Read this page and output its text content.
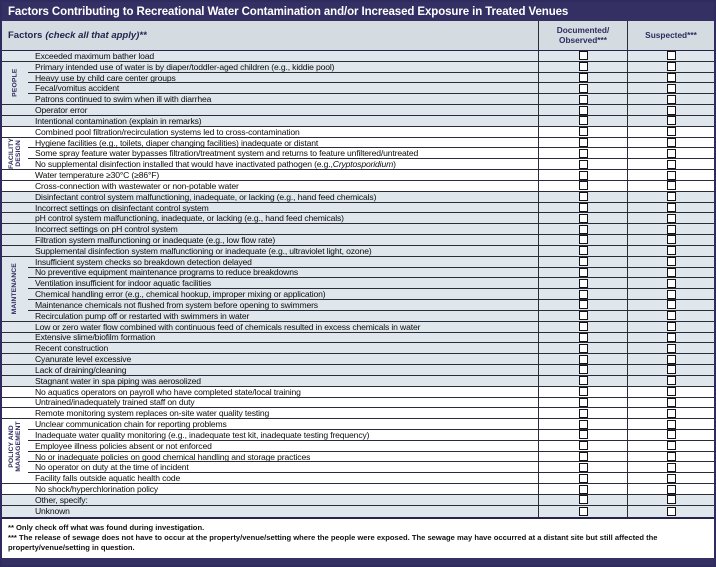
Factors Contributing to Recreational Water Contamination and/or Increased Exposure in Treated Venues
Factors (check all that apply)**
Documented/
Observed***	Suspected***
Exceeded maximum bather load
Primary intended use of water is by diaper/toddler-aged children (e.g., kiddie pool)
Heavy use by child care center groups
Fecal/vomitus accident
Patrons continued to swim when ill with diarrhea
Operator error
Intentional contamination (explain in remarks)
Combined pool filtration/recirculation systems led to cross-contamination
Hygiene facilities (e.g., toilets, diaper changing facilities) inadequate or distant
Some spray feature water bypasses filtration/treatment system and returns to feature unfiltered/untreated
No supplemental disinfection installed that would have inactivated pathogen (e.g., Cryptosporidium )
Water temperature ≥30°C (≥86°F)
Cross-connection with wastewater or non-potable water
Disinfectant control system malfunctioning, inadequate, or lacking (e.g., hand feed chemicals)
Incorrect settings on disinfectant control system
pH control system malfunctioning, inadequate, or lacking (e.g., hand feed chemicals)
Incorrect settings on pH control system
Filtration system malfunctioning or inadequate (e.g., low flow rate)
Supplemental disinfection system malfunctioning or inadequate (e.g., ultraviolet light, ozone)
Insufficient system checks so breakdown detection delayed
No preventive equipment maintenance programs to reduce breakdowns
Ventilation insufficient for indoor aquatic facilities
Chemical handling error (e.g., chemical hookup, improper mixing or application)
Maintenance chemicals not flushed from system before opening to swimmers
Recirculation pump off or restarted with swimmers in water
Low or zero water flow combined with continuous feed of chemicals resulted in excess chemicals in water
Extensive slime/biofilm formation
Recent construction
Cyanurate level excessive
Lack of draining/cleaning
Stagnant water in spa piping was aerosolized
No aquatics operators on payroll who have completed state/local training
Untrained/inadequately trained staff on duty
Remote monitoring system replaces on-site water quality testing
Unclear communication chain for reporting problems
Inadequate water quality monitoring (e.g., inadequate test kit, inadequate testing frequency)
Employee illness policies absent or not enforced
No or inadequate policies on good chemical handling and storage practices
No operator on duty at the time of incident
Facility falls outside aquatic health code
No shock/hyperchlorination policy
Other, specify:
Unknown
PEOPLE
FACILITY DESIGN
MAINTENANCE
POLICY AND MANAGEMENT
** Only check off what was found during investigation.
*** The release of sewage does not have to occur at the property/venue/setting where the people were exposed. The sewage may have occurred at a distant site but still affected the property/venue/setting in question.
